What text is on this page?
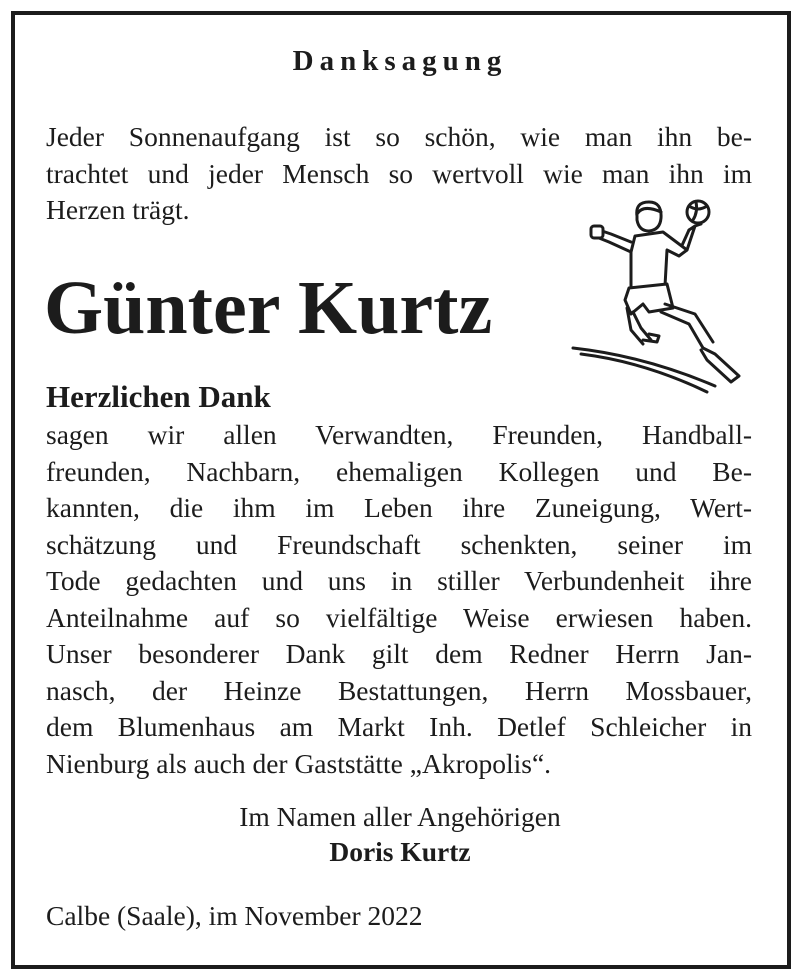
Danksagung

Jeder Sonnenaufgang ist so schön, wie man ihn be-
trachtet und jeder Mensch so wertvoll wie man ihn im
Herzen trägt.

Günter Kurtz
Herzlichen Dank

sagen wir allen Verwandten, Freunden, Handball-
freunden, Nachbarn, ehemaligen Kollegen und Be-
kannten, die ihm im Leben ihre Zuneigung, Wert-
schätzung und Freundschaft schenkten, seiner im
Tode gedachten und uns in stiller Verbundenheit ihre
Anteilnahme auf so vielfältige Weise erwiesen haben.
Unser besonderer Dank gilt dem Redner Herrn Jan-
nasch, der Heinze Bestattungen, Herrn Mossbauer,
dem Blumenhaus am Markt Inh. Detlef Schleicher in
Nienburg als auch der Gaststätte „Akropolis“.

Im Namen aller Angehörigen
Doris Kurtz
Calbe (Saale), im November 2022
